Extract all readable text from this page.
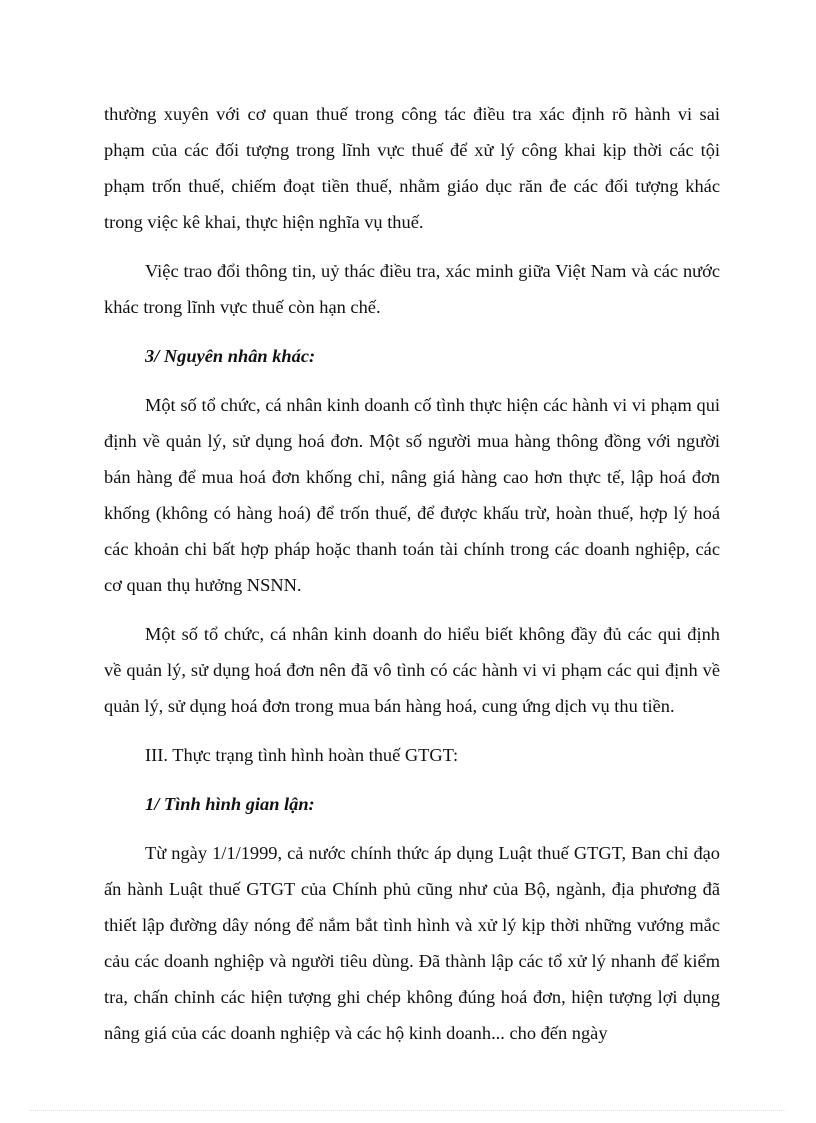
thường xuyên với cơ quan thuế trong công tác điều tra xác định rõ hành vi sai phạm của các đối tượng trong lĩnh vực thuế để xử lý công khai kịp thời các tội phạm trốn thuế, chiếm đoạt tiền thuế, nhằm giáo dục răn đe các đối tượng khác trong việc kê khai, thực hiện nghĩa vụ thuế.

Việc trao đổi thông tin, uỷ thác điều tra, xác minh giữa Việt Nam và các nước khác trong lĩnh vực thuế còn hạn chế.

3/ Nguyên nhân khác:

Một số tổ chức, cá nhân kinh doanh cố tình thực hiện các hành vi vi phạm qui định về quản lý, sử dụng hoá đơn. Một số người mua hàng thông đồng với người bán hàng để mua hoá đơn khống chỉ, nâng giá hàng cao hơn thực tế, lập hoá đơn khống (không có hàng hoá) để trốn thuế, để được khấu trừ, hoàn thuế, hợp lý hoá các khoản chi bất hợp pháp hoặc thanh toán tài chính trong các doanh nghiệp, các cơ quan thụ hưởng NSNN.

Một số tổ chức, cá nhân kinh doanh do hiểu biết không đầy đủ các qui định về quản lý, sử dụng hoá đơn nên đã vô tình có các hành vi vi phạm các qui định về quản lý, sử dụng hoá đơn trong mua bán hàng hoá, cung ứng dịch vụ thu tiền.

III. Thực trạng tình hình hoàn thuế GTGT:

1/ Tình hình gian lận:

Từ ngày 1/1/1999, cả nước chính thức áp dụng Luật thuế GTGT, Ban chỉ đạo ấn hành Luật thuế GTGT của Chính phủ cũng như của Bộ, ngành, địa phương đã thiết lập đường dây nóng để nắm bắt tình hình và xử lý kịp thời những vướng mắc cảu các doanh nghiệp và người tiêu dùng. Đã thành lập các tổ xử lý nhanh để kiểm tra, chấn chỉnh các hiện tượng ghi chép không đúng hoá đơn, hiện tượng lợi dụng nâng giá của các doanh nghiệp và các hộ kinh doanh... cho đến ngày
